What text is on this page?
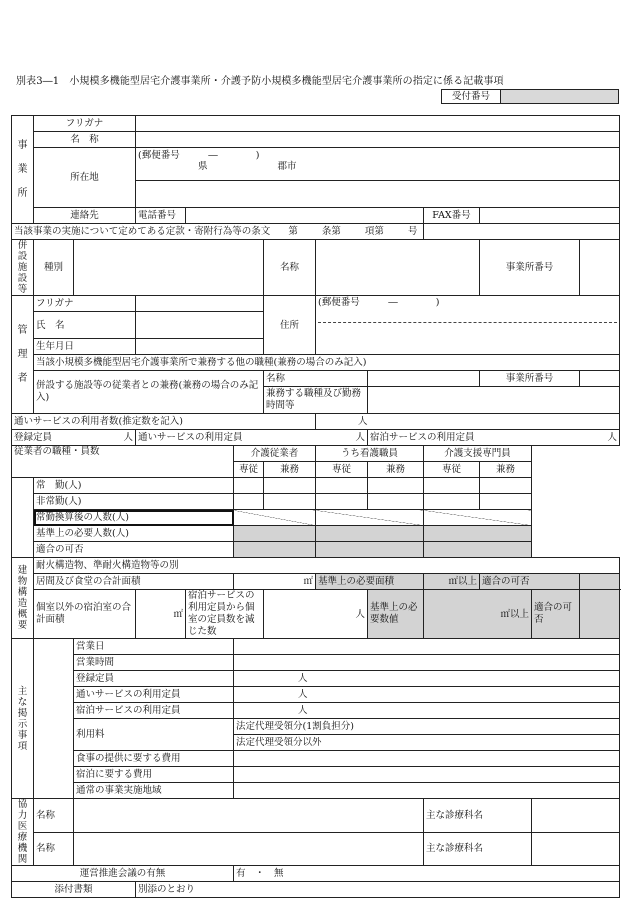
別表3―1　小規模多機能型居宅介護事業所・介護予防小規模多機能型居宅介護事業所の指定に係る記載事項
受付番号
事業所	フリガナ											
	名　称											
	所在地		(郵便番号　　　―　　　　)
県 郡市									

	連絡先		電話番号						FAX番号			
当該事業の実施について定めてある定款・寄附行為等の条文 第 条第 項第 号												
併設施設等	種別					名称				事業所番号		
管理者	フリガナ					住所	(郵便番号　　　―　　　　)					

	氏　名											
	生年月日											
	当該小規模多機能型居宅介護事業所で兼務する他の職種(兼務の場合のみ記入)											
	併設する施設等の従業者との兼務(兼務の場合のみ記入)					名称				事業所番号		
						兼務する職種及び勤務時間等						
通いサービスの利用者数(推定数を記入)							人					
登録定員 人			通いサービスの利用定員 人					宿泊サービスの利用定員 人				

従業者の職種・員数					介護従業者		うち看護職員		介護支援専門員			
					専従	兼務	専従	兼務	専従	兼務		
	常　勤(人)											
	非常勤(人)											
	常勤換算後の人数(人)											
	基準上の必要人数(人)											
	適合の可否											
建物構造概要	耐火構造物、準耐火構造物等の別											
	居間及び食堂の合計面積				㎡		基準上の必要面積		㎡以上	適合の可否		
	個室以外の宿泊室の合計面積		㎡	宿泊サービスの利用定員から個室の定員数を減じた数		人		基準上の必要数値	㎡以上		適合の可否	
主な掲示事項		営業日										
		営業時間										
		登録定員			人							
		通いサービスの利用定員			人							
		宿泊サービスの利用定員			人							
		利用料			法定代理受領分(1割負担分)							
					法定代理受領分以外							
		食事の提供に要する費用										
		宿泊に要する費用										
		通常の事業実施地域										
協力医療機関	名称								主な診療科名			
	名称								主な診療科名			
運営推進会議の有無					有　・　無							
添付書類			別添のとおり									
